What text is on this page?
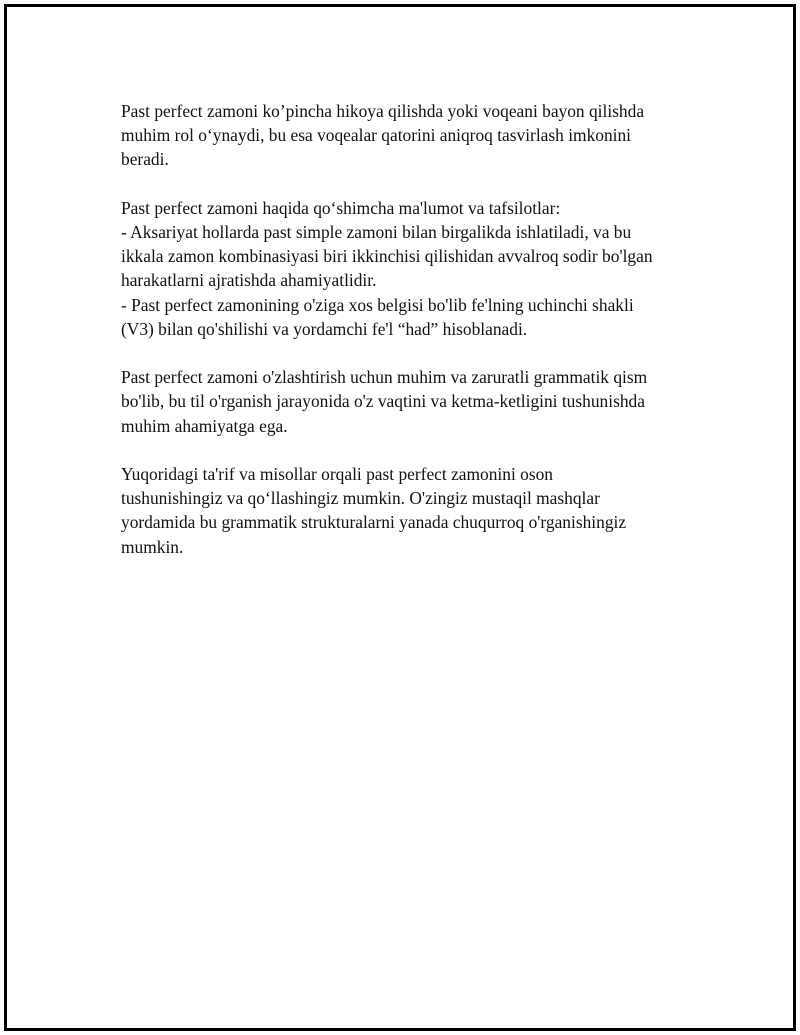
Past perfect zamoni ko’pincha hikoya qilishda yoki voqeani bayon qilishda
muhim rol o‘ynaydi, bu esa voqealar qatorini aniqroq tasvirlash imkonini
beradi.

Past perfect zamoni haqida qo‘shimcha ma'lumot va tafsilotlar:
- Aksariyat hollarda past simple zamoni bilan birgalikda ishlatiladi, va bu
ikkala zamon kombinasiyasi biri ikkinchisi qilishidan avvalroq sodir bo'lgan
harakatlarni ajratishda ahamiyatlidir.
- Past perfect zamonining o'ziga xos belgisi bo'lib fe'lning uchinchi shakli
(V3) bilan qo'shilishi va yordamchi fe'l “had” hisoblanadi.

Past perfect zamoni o'zlashtirish uchun muhim va zaruratli grammatik qism
bo'lib, bu til o'rganish jarayonida o'z vaqtini va ketma-ketligini tushunishda
muhim ahamiyatga ega.

Yuqoridagi ta'rif va misollar orqali past perfect zamonini oson
tushunishingiz va qo‘llashingiz mumkin. O'zingiz mustaqil mashqlar
yordamida bu grammatik strukturalarni yanada chuqurroq o'rganishingiz
mumkin.
